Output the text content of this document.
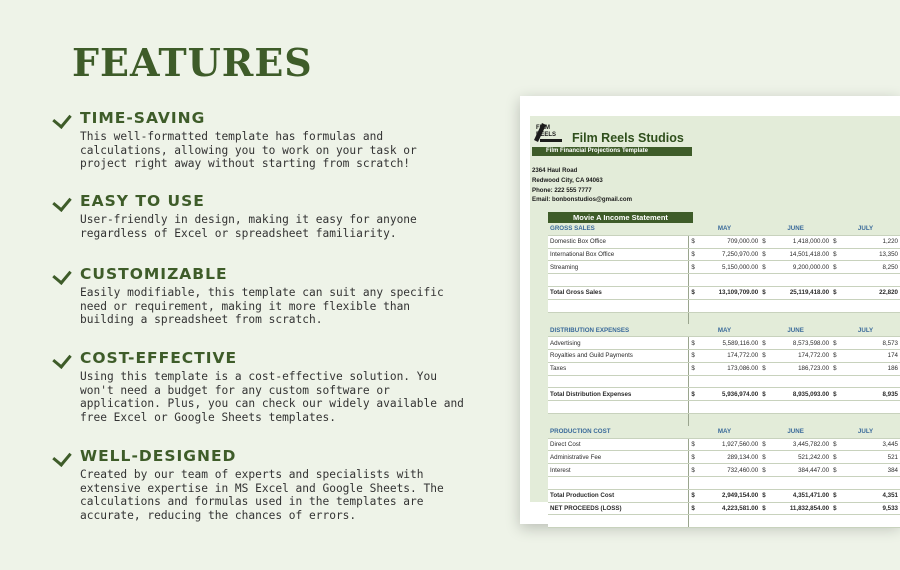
FEATURES
TIME-SAVING
This well-formatted template has formulas and calculations, allowing you to work on your task or project right away without starting from scratch!
EASY TO USE
User-friendly in design, making it easy for anyone regardless of Excel or spreadsheet familiarity.
CUSTOMIZABLE
Easily modifiable, this template can suit any specific need or requirement, making it more flexible than building a spreadsheet from scratch.
COST-EFFECTIVE
Using this template is a cost-effective solution. You won't need a budget for any custom software or application. Plus, you can check our widely available and free Excel or Google Sheets templates.
WELL-DESIGNED
Created by our team of experts and specialists with extensive expertise in MS Excel and Google Sheets. The calculations and formulas used in the templates are accurate, reducing the chances of errors.
FILM
REELS Film Reels Studios
Film Financial Projections Template
2364 Haul Road
Redwood City, CA 94063
Phone: 222 555 7777
Email: bonbonstudios@gmail.com
Movie A Income Statement
GROSS SALES	MAY		JUNE		JULY	
Domestic Box Office	$	709,000.00	$	1,418,000.00	$	1,220
International Box Office	$	7,250,970.00	$	14,501,418.00	$	13,350
Streaming	$	5,150,000.00	$	9,200,000.00	$	8,250

Total Gross Sales	$	13,109,709.00	$	25,119,418.00	$	22,820

DISTRIBUTION EXPENSES	MAY		JUNE		JULY	
Advertising	$	5,589,116.00	$	8,573,598.00	$	8,573
Royalties and Guild Payments	$	174,772.00	$	174,772.00	$	174
Taxes	$	173,086.00	$	186,723.00	$	186

Total Distribution Expenses	$	5,936,974.00	$	8,935,093.00	$	8,935

PRODUCTION COST	MAY		JUNE		JULY	
Direct Cost	$	1,927,560.00	$	3,445,782.00	$	3,445
Administrative Fee	$	289,134.00	$	521,242.00	$	521
Interest	$	732,460.00	$	384,447.00	$	384

Total Production Cost	$	2,949,154.00	$	4,351,471.00	$	4,351
NET PROCEEDS (LOSS)	$	4,223,581.00	$	11,832,854.00	$	9,533
